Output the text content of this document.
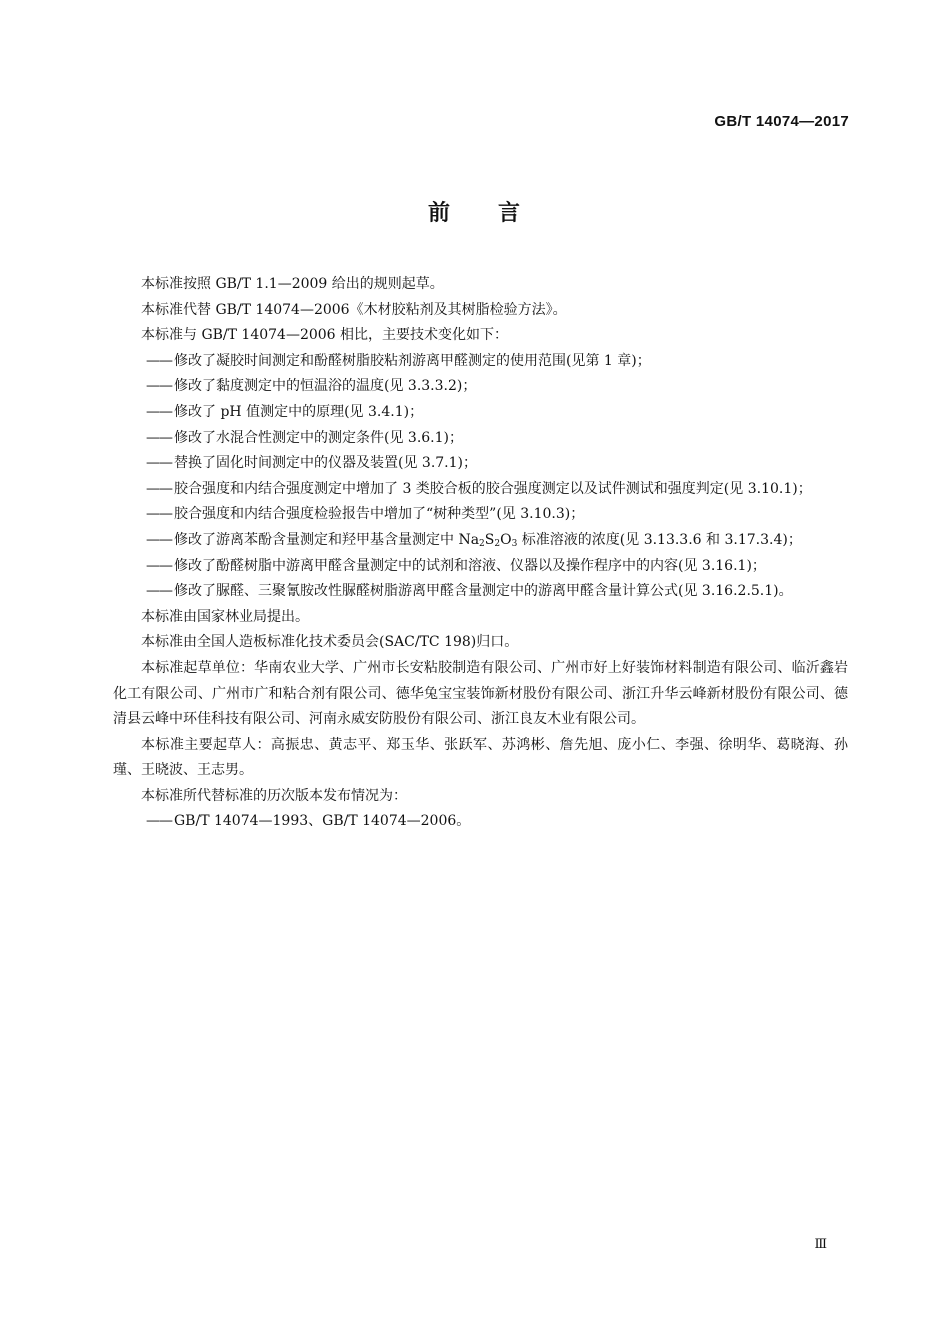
GB/T 14074—2017
前 言

本标准按照 GB/T 1.1—2009 给出的规则起草。

本标准代替 GB/T 14074—2006《木材胶粘剂及其树脂检验方法》。

本标准与 GB/T 14074—2006 相比，主要技术变化如下：

—— 修改了凝胶时间测定和酚醛树脂胶粘剂游离甲醛测定的使用范围(见第 1 章)；

—— 修改了黏度测定中的恒温浴的温度(见 3.3.3.2)；

—— 修改了 pH 值测定中的原理(见 3.4.1)；

—— 修改了水混合性测定中的测定条件(见 3.6.1)；

—— 替换了固化时间测定中的仪器及装置(见 3.7.1)；

—— 胶合强度和内结合强度测定中增加了 3 类胶合板的胶合强度测定以及试件测试和强度判定(见 3.10.1)；

—— 胶合强度和内结合强度检验报告中增加了“树种类型”(见 3.10.3)；

—— 修改了游离苯酚含量测定和羟甲基含量测定中 $Na_2S_2O_3$ 标准溶液的浓度(见 3.13.3.6 和 3.17.3.4)；

—— 修改了酚醛树脂中游离甲醛含量测定中的试剂和溶液、仪器以及操作程序中的内容(见 3.16.1)；

—— 修改了脲醛、三聚氰胺改性脲醛树脂游离甲醛含量测定中的游离甲醛含量计算公式(见 3.16.2.5.1)。

本标准由国家林业局提出。

本标准由全国人造板标准化技术委员会(SAC/TC 198)归口。

本标准起草单位：华南农业大学、广州市长安粘胶制造有限公司、广州市好上好装饰材料制造有限公司、临沂鑫岩化工有限公司、广州市广和粘合剂有限公司、德华兔宝宝装饰新材股份有限公司、浙江升华云峰新材股份有限公司、德清县云峰中环佳科技有限公司、河南永威安防股份有限公司、浙江良友木业有限公司。

本标准主要起草人：高振忠、黄志平、郑玉华、张跃军、苏鸿彬、詹先旭、庞小仁、李强、徐明华、葛晓海、孙瑾、王晓波、王志男。

本标准所代替标准的历次版本发布情况为：

—— GB/T 14074—1993、GB/T 14074—2006。

Ⅲ
